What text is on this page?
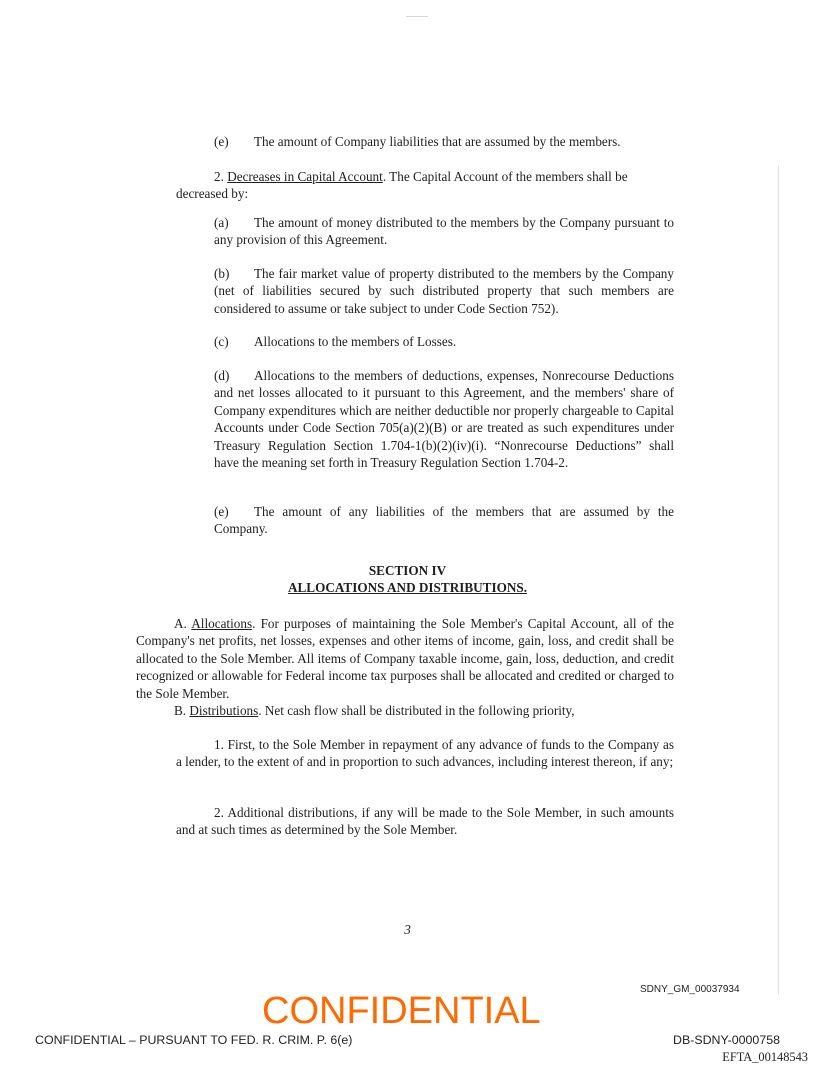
(e) The amount of Company liabilities that are assumed by the members.
2. Decreases in Capital Account. The Capital Account of the members shall be
decreased by:
(a) The amount of money distributed to the members by the Company pursuant to any provision of this Agreement.
(b) The fair market value of property distributed to the members by the Company (net of liabilities secured by such distributed property that such members are considered to assume or take subject to under Code Section 752).
(c) Allocations to the members of Losses.
(d) Allocations to the members of deductions, expenses, Nonrecourse Deductions and net losses allocated to it pursuant to this Agreement, and the members' share of Company expenditures which are neither deductible nor properly chargeable to Capital Accounts under Code Section 705(a)(2)(B) or are treated as such expenditures under Treasury Regulation Section 1.704-1(b)(2)(iv)(i). “Nonrecourse Deductions” shall have the meaning set forth in Treasury Regulation Section 1.704-2.
(e) The amount of any liabilities of the members that are assumed by the Company.
SECTION IV
ALLOCATIONS AND DISTRIBUTIONS.
A. Allocations. For purposes of maintaining the Sole Member's Capital Account, all of the Company's net profits, net losses, expenses and other items of income, gain, loss, and credit shall be allocated to the Sole Member. All items of Company taxable income, gain, loss, deduction, and credit recognized or allowable for Federal income tax purposes shall be allocated and credited or charged to the Sole Member.
B. Distributions. Net cash flow shall be distributed in the following priority,
1. First, to the Sole Member in repayment of any advance of funds to the Company as a lender, to the extent of and in proportion to such advances, including interest thereon, if any;
2. Additional distributions, if any will be made to the Sole Member, in such amounts and at such times as determined by the Sole Member.
3
SDNY_GM_00037934
CONFIDENTIAL
CONFIDENTIAL – PURSUANT TO FED. R. CRIM. P. 6(e)	DB-SDNY-0000758
EFTA_00148543
